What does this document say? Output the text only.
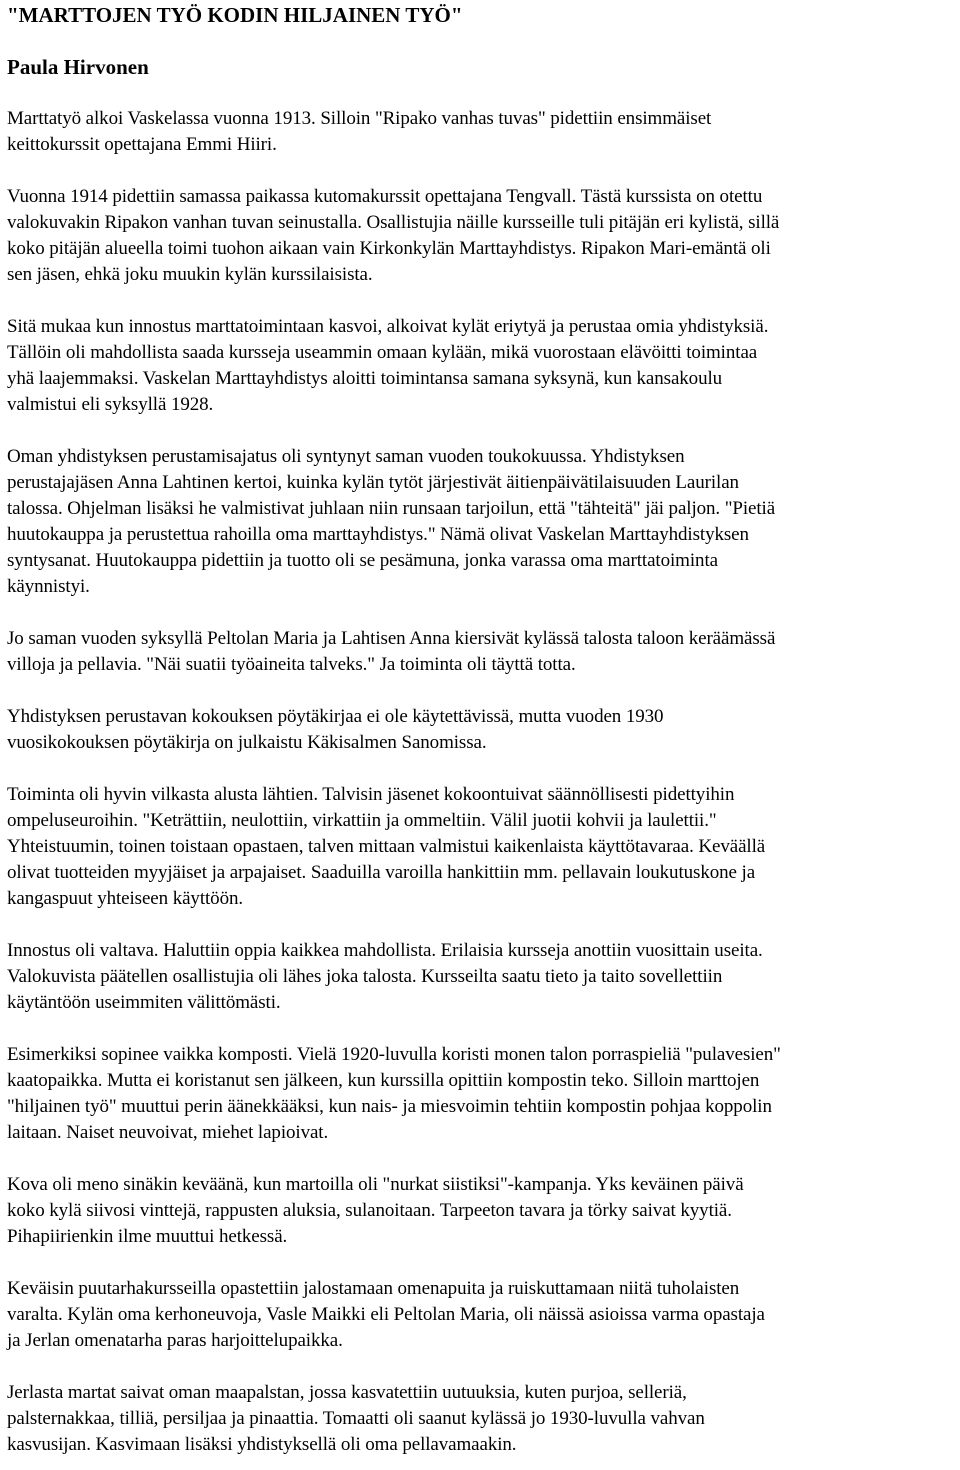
"MARTTOJEN TYÖ KODIN HILJAINEN TYÖ"
Paula Hirvonen
Marttatyö alkoi Vaskelassa vuonna 1913. Silloin "Ripako vanhas tuvas" pidettiin ensimmäiset
keittokurssit opettajana Emmi Hiiri.
Vuonna 1914 pidettiin samassa paikassa kutomakurssit opettajana Tengvall. Tästä kurssista on otettu
valokuvakin Ripakon vanhan tuvan seinustalla. Osallistujia näille kursseille tuli pitäjän eri kylistä, sillä
koko pitäjän alueella toimi tuohon aikaan vain Kirkonkylän Marttayhdistys. Ripakon Mari-emäntä oli
sen jäsen, ehkä joku muukin kylän kurssilaisista.
Sitä mukaa kun innostus marttatoimintaan kasvoi, alkoivat kylät eriytyä ja perustaa omia yhdistyksiä.
Tällöin oli mahdollista saada kursseja useammin omaan kylään, mikä vuorostaan elävöitti toimintaa
yhä laajemmaksi. Vaskelan Marttayhdistys aloitti toimintansa samana syksynä, kun kansakoulu
valmistui eli syksyllä 1928.
Oman yhdistyksen perustamisajatus oli syntynyt saman vuoden toukokuussa. Yhdistyksen
perustajajäsen Anna Lahtinen kertoi, kuinka kylän tytöt järjestivät äitienpäivätilaisuuden Laurilan
talossa. Ohjelman lisäksi he valmistivat juhlaan niin runsaan tarjoilun, että "tähteitä" jäi paljon. "Pietiä
huutokauppa ja perustettua rahoilla oma marttayhdistys." Nämä olivat Vaskelan Marttayhdistyksen
syntysanat. Huutokauppa pidettiin ja tuotto oli se pesämuna, jonka varassa oma marttatoiminta
käynnistyi.
Jo saman vuoden syksyllä Peltolan Maria ja Lahtisen Anna kiersivät kylässä talosta taloon keräämässä
villoja ja pellavia. "Näi suatii työaineita talveks." Ja toiminta oli täyttä totta.
Yhdistyksen perustavan kokouksen pöytäkirjaa ei ole käytettävissä, mutta vuoden 1930
vuosikokouksen pöytäkirja on julkaistu Käkisalmen Sanomissa.
Toiminta oli hyvin vilkasta alusta lähtien. Talvisin jäsenet kokoontuivat säännöllisesti pidettyihin
ompeluseuroihin. "Keträttiin, neulottiin, virkattiin ja ommeltiin. Välil juotii kohvii ja laulettii."
Yhteistuumin, toinen toistaan opastaen, talven mittaan valmistui kaikenlaista käyttötavaraa. Keväällä
olivat tuotteiden myyjäiset ja arpajaiset. Saaduilla varoilla hankittiin mm. pellavain loukutuskone ja
kangaspuut yhteiseen käyttöön.
Innostus oli valtava. Haluttiin oppia kaikkea mahdollista. Erilaisia kursseja anottiin vuosittain useita.
Valokuvista päätellen osallistujia oli lähes joka talosta. Kursseilta saatu tieto ja taito sovellettiin
käytäntöön useimmiten välittömästi.
Esimerkiksi sopinee vaikka komposti. Vielä 1920-luvulla koristi monen talon porraspieliä "pulavesien"
kaatopaikka. Mutta ei koristanut sen jälkeen, kun kurssilla opittiin kompostin teko. Silloin marttojen
"hiljainen työ" muuttui perin äänekkääksi, kun nais- ja miesvoimin tehtiin kompostin pohjaa koppolin
laitaan. Naiset neuvoivat, miehet lapioivat.
Kova oli meno sinäkin keväänä, kun martoilla oli "nurkat siistiksi"-kampanja. Yks keväinen päivä
koko kylä siivosi vinttejä, rappusten aluksia, sulanoitaan. Tarpeeton tavara ja törky saivat kyytiä.
Pihapiirienkin ilme muuttui hetkessä.
Keväisin puutarhakursseilla opastettiin jalostamaan omenapuita ja ruiskuttamaan niitä tuholaisten
varalta. Kylän oma kerhoneuvoja, Vasle Maikki eli Peltolan Maria, oli näissä asioissa varma opastaja
ja Jerlan omenatarha paras harjoittelupaikka.
Jerlasta martat saivat oman maapalstan, jossa kasvatettiin uutuuksia, kuten purjoa, selleriä,
palsternakkaa, tilliä, persiljaa ja pinaattia. Tomaatti oli saanut kylässä jo 1930-luvulla vahvan
kasvusijan. Kasvimaan lisäksi yhdistyksellä oli oma pellavamaakin.
